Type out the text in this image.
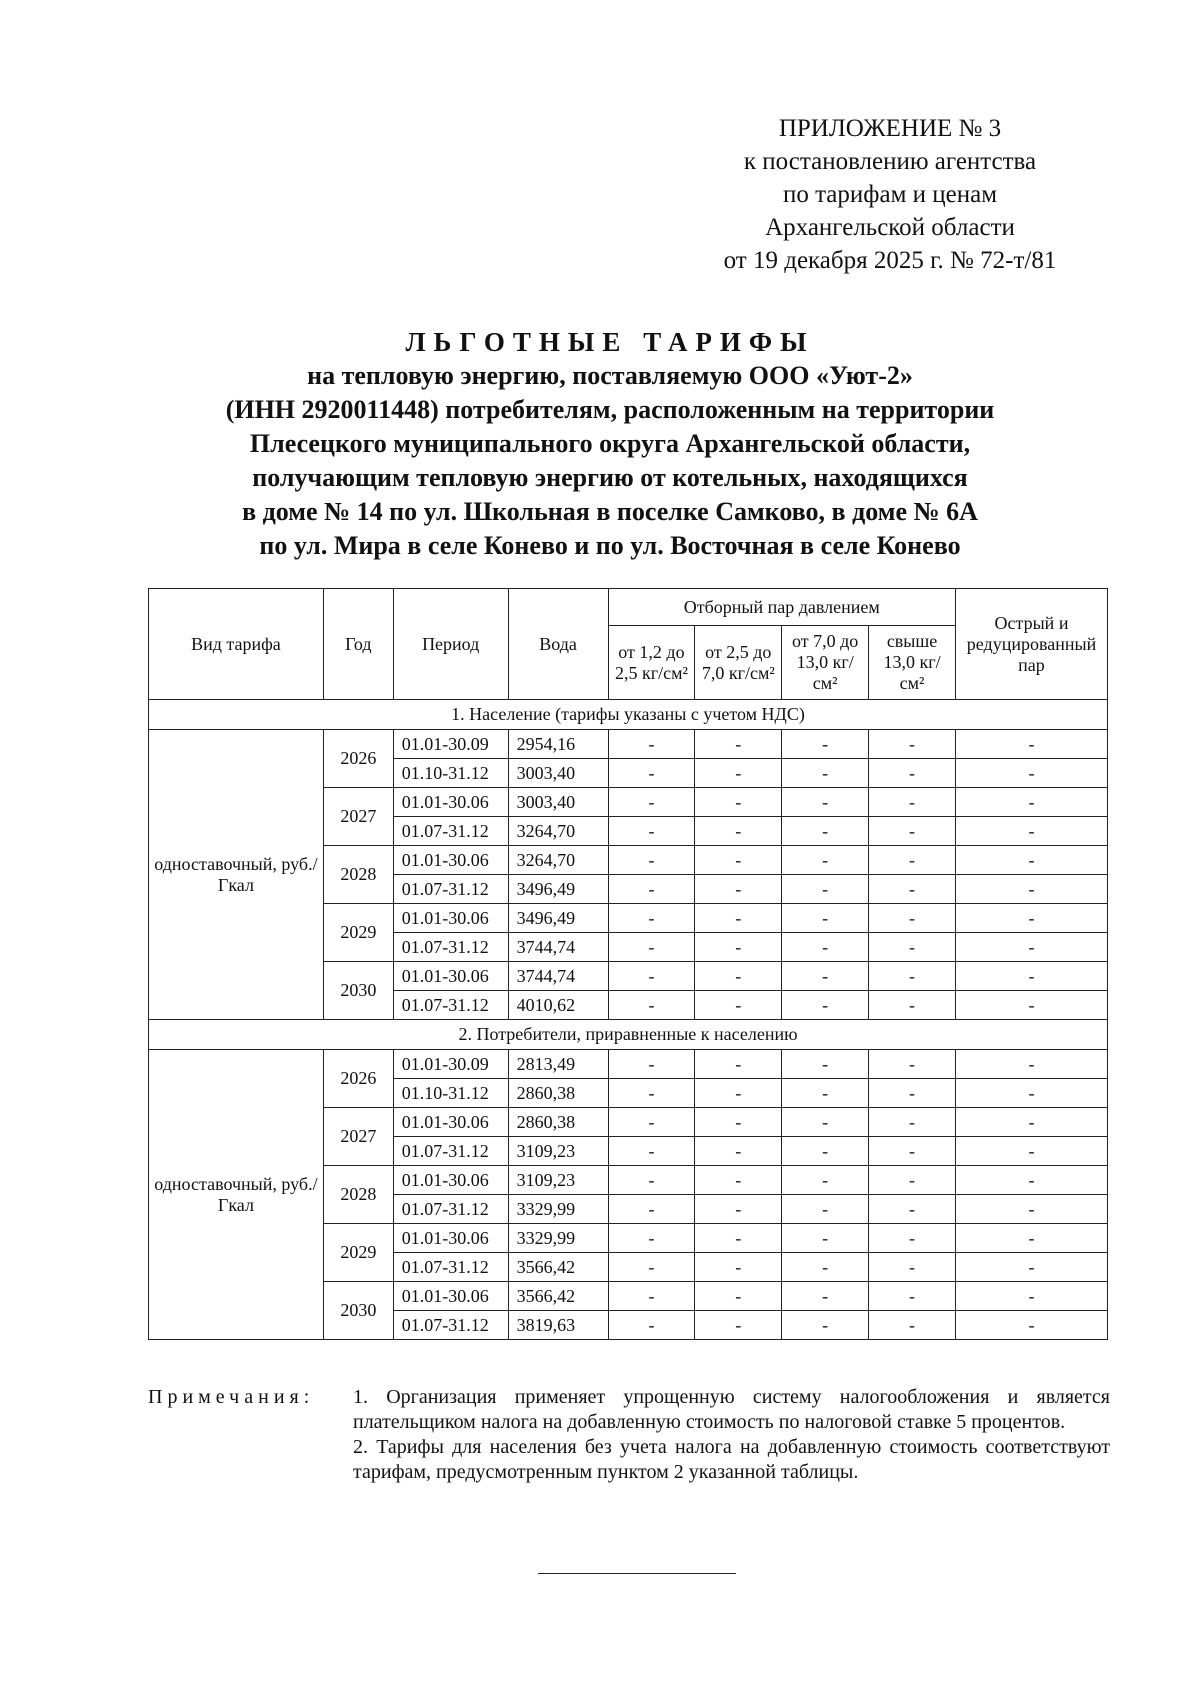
ПРИЛОЖЕНИЕ № 3
к постановлению агентства
по тарифам и ценам
Архангельской области
от 19 декабря 2025 г. № 72-т/81
ЛЬГОТНЫЕ ТАРИФЫ
на тепловую энергию, поставляемую ООО «Уют-2»
(ИНН 2920011448) потребителям, расположенным на территории
Плесецкого муниципального округа Архангельской области,
получающим тепловую энергию от котельных, находящихся
в доме № 14 по ул. Школьная в поселке Самково, в доме № 6А
по ул. Мира в селе Конево и по ул. Восточная в селе Конево
Вид тарифа	Год	Период	Вода	Отборный пар давлением				Острый и редуцированный пар
				от 1,2 до 2,5 кг/см²	от 2,5 до 7,0 кг/см²	от 7,0 до 13,0 кг/см²	свыше 13,0 кг/см²	
1. Население (тарифы указаны с учетом НДС)								
одноставочный, руб./Гкал	2026	01.01-30.09	2954,16	-	-	-	-	-
		01.10-31.12	3003,40	-	-	-	-	-
	2027	01.01-30.06	3003,40	-	-	-	-	-
		01.07-31.12	3264,70	-	-	-	-	-
	2028	01.01-30.06	3264,70	-	-	-	-	-
		01.07-31.12	3496,49	-	-	-	-	-
	2029	01.01-30.06	3496,49	-	-	-	-	-
		01.07-31.12	3744,74	-	-	-	-	-
	2030	01.01-30.06	3744,74	-	-	-	-	-
		01.07-31.12	4010,62	-	-	-	-	-
2. Потребители, приравненные к населению								
одноставочный, руб./Гкал	2026	01.01-30.09	2813,49	-	-	-	-	-
		01.10-31.12	2860,38	-	-	-	-	-
	2027	01.01-30.06	2860,38	-	-	-	-	-
		01.07-31.12	3109,23	-	-	-	-	-
	2028	01.01-30.06	3109,23	-	-	-	-	-
		01.07-31.12	3329,99	-	-	-	-	-
	2029	01.01-30.06	3329,99	-	-	-	-	-
		01.07-31.12	3566,42	-	-	-	-	-
	2030	01.01-30.06	3566,42	-	-	-	-	-
		01.07-31.12	3819,63	-	-	-	-	-
Примечания: 1. Организация применяет упрощенную систему налогообложения и является плательщиком налога на добавленную стоимость по налоговой ставке 5 процентов.

2. Тарифы для населения без учета налога на добавленную стоимость соответствуют тарифам, предусмотренным пунктом 2 указанной таблицы.
